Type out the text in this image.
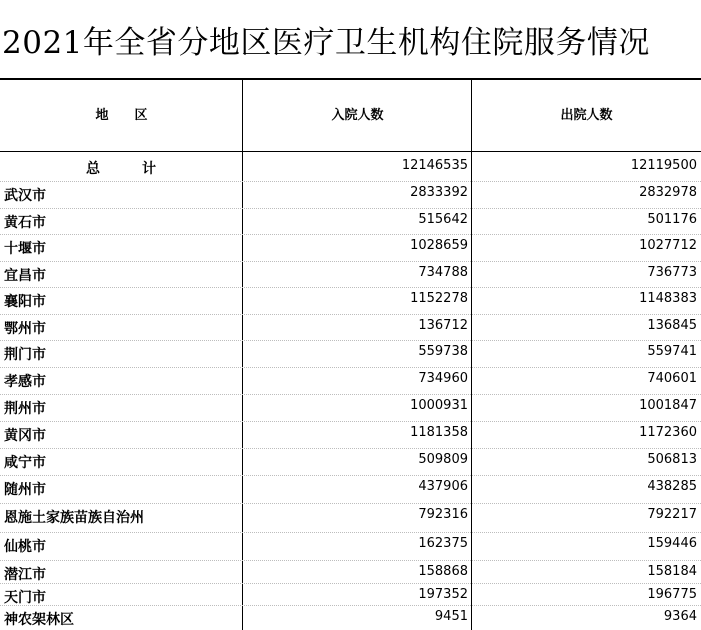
2021年全省分地区医疗卫生机构住院服务情况
地　　区	入院人数	出院人数
总　　　计	12146535	12119500
武汉市	2833392	2832978
黄石市	515642	501176
十堰市	1028659	1027712
宜昌市	734788	736773
襄阳市	1152278	1148383
鄂州市	136712	136845
荆门市	559738	559741
孝感市	734960	740601
荆州市	1000931	1001847
黄冈市	1181358	1172360
咸宁市	509809	506813
随州市	437906	438285
恩施土家族苗族自治州	792316	792217
仙桃市	162375	159446
潜江市	158868	158184
天门市	197352	196775
神农架林区	9451	9364
